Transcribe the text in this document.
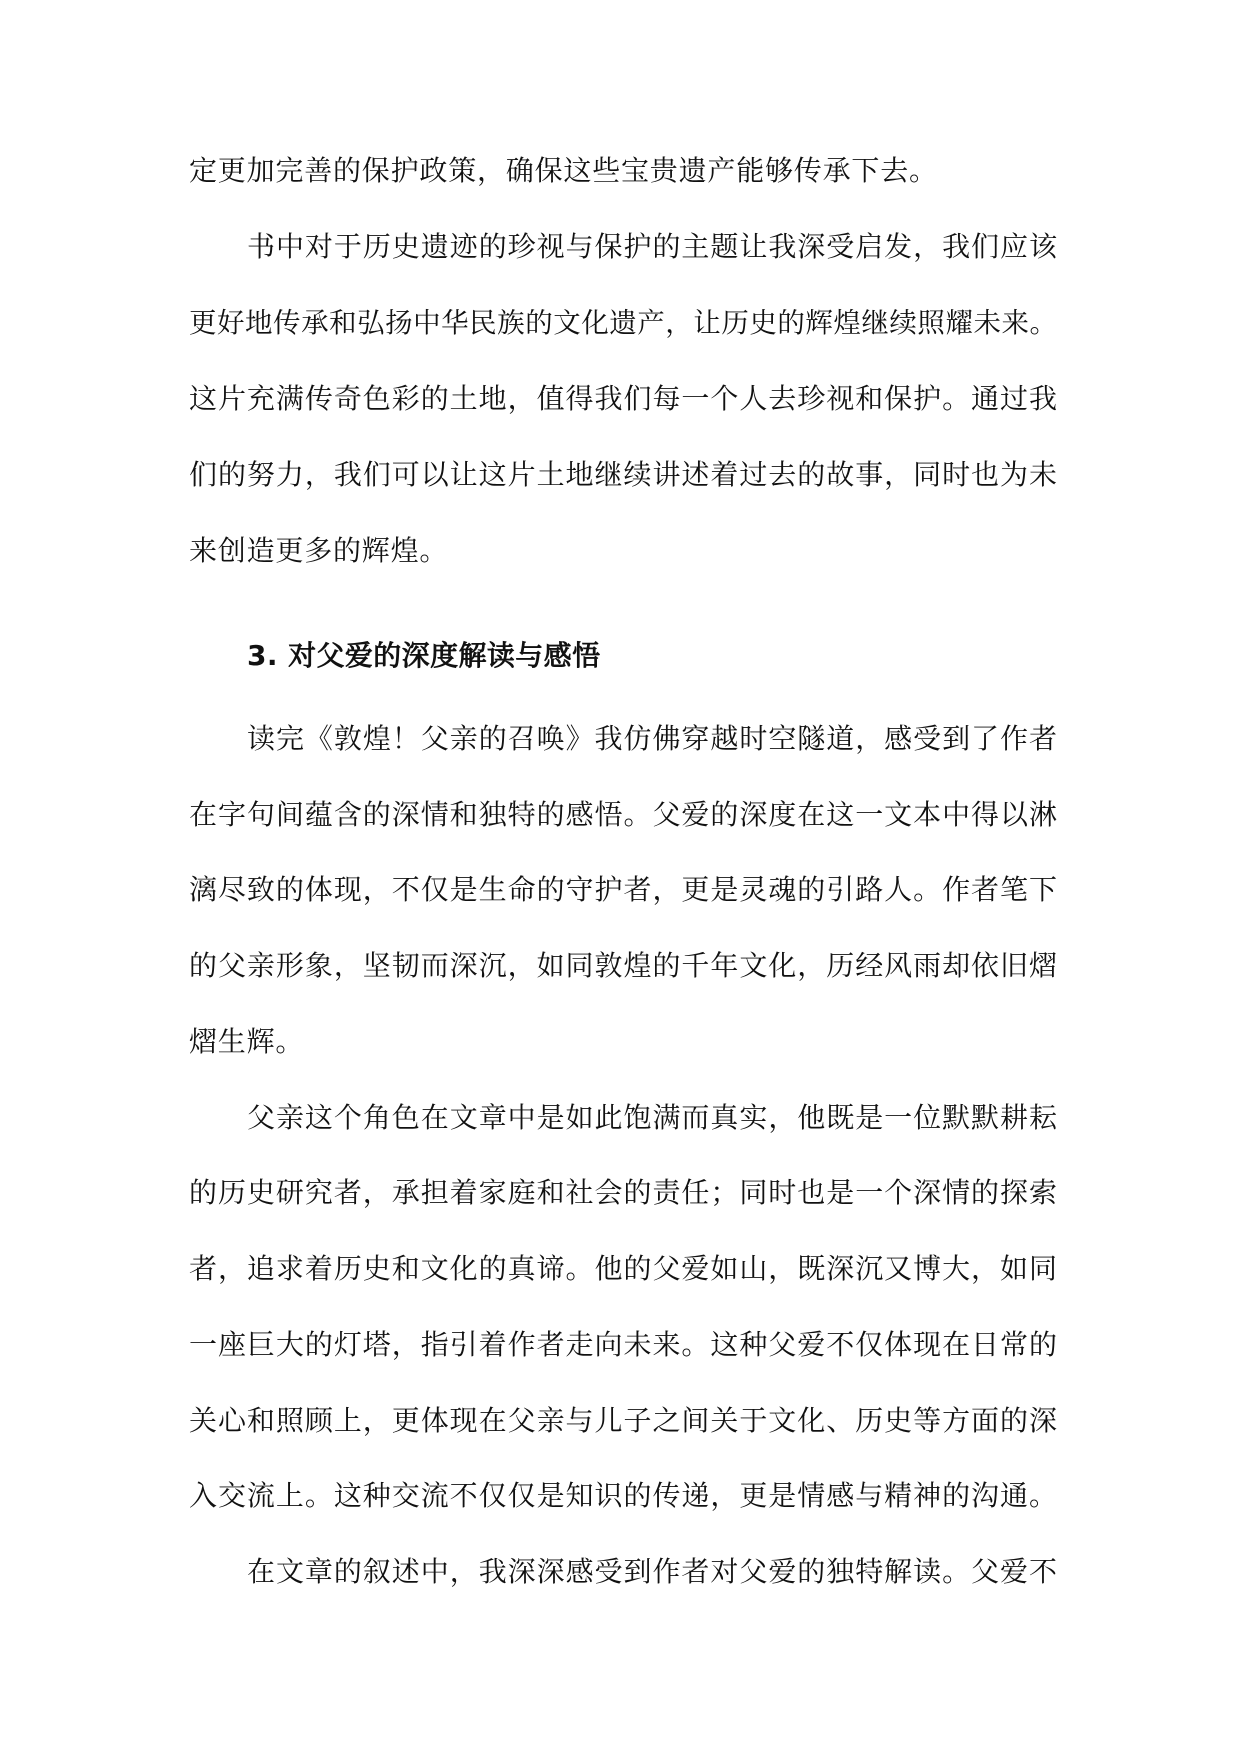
定更加完善的保护政策，确保这些宝贵遗产能够传承下去。
书中对于历史遗迹的珍视与保护的主题让我深受启发，我们应该
更好地传承和弘扬中华民族的文化遗产，让历史的辉煌继续照耀未来。
这片充满传奇色彩的土地，值得我们每一个人去珍视和保护。通过我
们的努力，我们可以让这片土地继续讲述着过去的故事，同时也为未
来创造更多的辉煌。
3. 对父爱的深度解读与感悟
读完《敦煌！父亲的召唤》我仿佛穿越时空隧道，感受到了作者
在字句间蕴含的深情和独特的感悟。父爱的深度在这一文本中得以淋
漓尽致的体现，不仅是生命的守护者，更是灵魂的引路人。作者笔下
的父亲形象，坚韧而深沉，如同敦煌的千年文化，历经风雨却依旧熠
熠生辉。
父亲这个角色在文章中是如此饱满而真实，他既是一位默默耕耘
的历史研究者，承担着家庭和社会的责任；同时也是一个深情的探索
者，追求着历史和文化的真谛。他的父爱如山，既深沉又博大，如同
一座巨大的灯塔，指引着作者走向未来。这种父爱不仅体现在日常的
关心和照顾上，更体现在父亲与儿子之间关于文化、历史等方面的深
入交流上。这种交流不仅仅是知识的传递，更是情感与精神的沟通。
在文章的叙述中，我深深感受到作者对父爱的独特解读。父爱不
